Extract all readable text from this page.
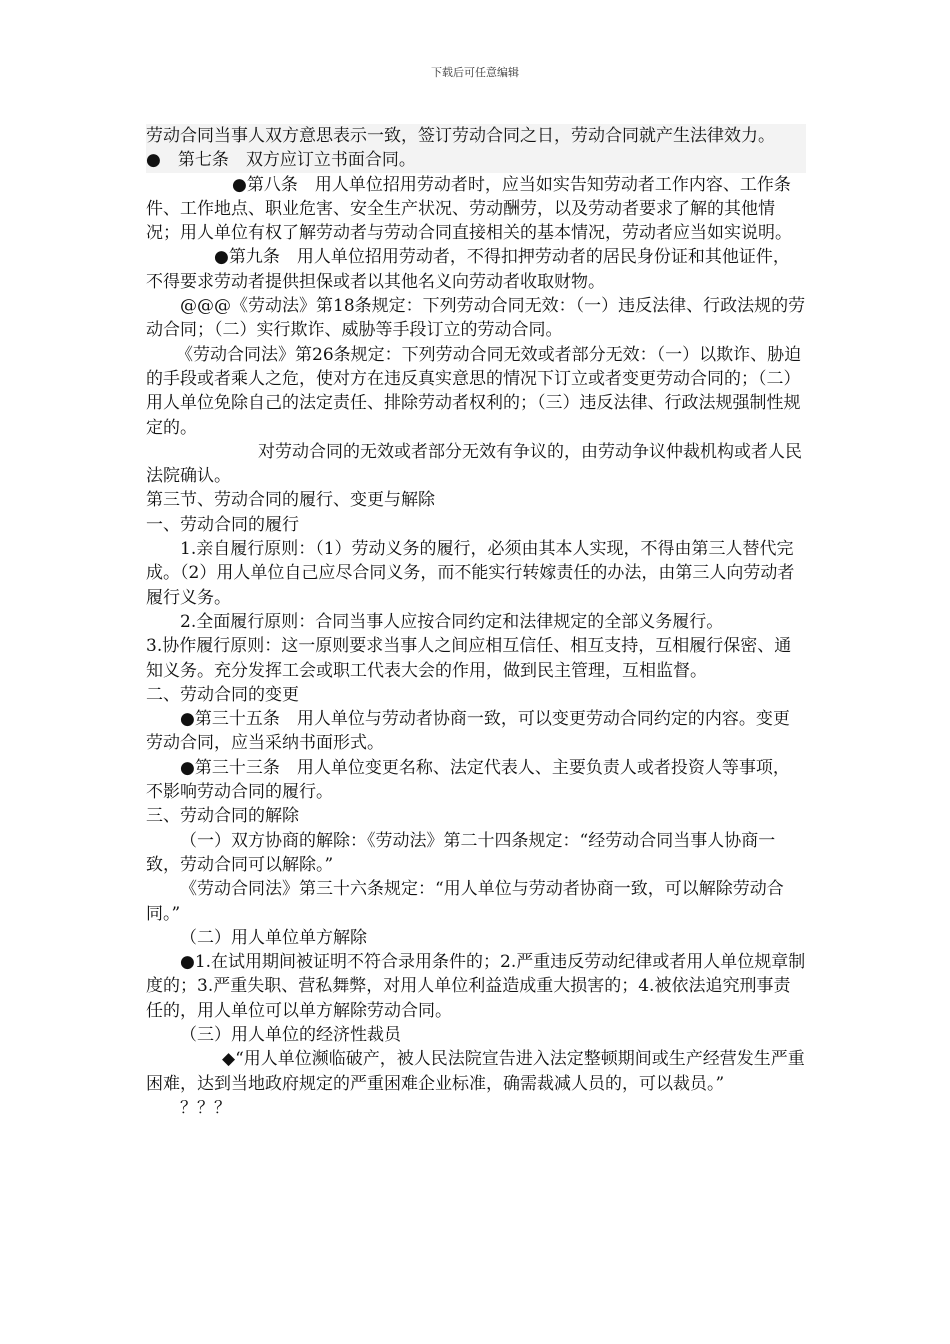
下载后可任意编辑

劳动合同当事人双方意思表示一致，签订劳动合同之日，劳动合同就产生法律效力。　　　　　●　第七条　双方应订立书面合同。

●第八条　用人单位招用劳动者时，应当如实告知劳动者工作内容、工作条件、工作地点、职业危害、安全生产状况、劳动酬劳，以及劳动者要求了解的其他情况；用人单位有权了解劳动者与劳动合同直接相关的基本情况，劳动者应当如实说明。

●第九条　用人单位招用劳动者，不得扣押劳动者的居民身份证和其他证件，不得要求劳动者提供担保或者以其他名义向劳动者收取财物。

@@@《劳动法》第18条规定：下列劳动合同无效：（一）违反法律、行政法规的劳动合同；（二）实行欺诈、威胁等手段订立的劳动合同。

《劳动合同法》第26条规定：下列劳动合同无效或者部分无效：（一）以欺诈、胁迫的手段或者乘人之危，使对方在违反真实意思的情况下订立或者变更劳动合同的；（二）用人单位免除自己的法定责任、排除劳动者权利的；（三）违反法律、行政法规强制性规定的。

对劳动合同的无效或者部分无效有争议的，由劳动争议仲裁机构或者人民法院确认。

第三节、劳动合同的履行、变更与解除

一、劳动合同的履行

1.亲自履行原则：（1）劳动义务的履行，必须由其本人实现，不得由第三人替代完成。（2）用人单位自己应尽合同义务，而不能实行转嫁责任的办法，由第三人向劳动者履行义务。

2.全面履行原则：合同当事人应按合同约定和法律规定的全部义务履行。

3.协作履行原则：这一原则要求当事人之间应相互信任、相互支持，互相履行保密、通知义务。充分发挥工会或职工代表大会的作用，做到民主管理，互相监督。

二、劳动合同的变更

●第三十五条　用人单位与劳动者协商一致，可以变更劳动合同约定的内容。变更劳动合同，应当采纳书面形式。

●第三十三条　用人单位变更名称、法定代表人、主要负责人或者投资人等事项，不影响劳动合同的履行。

三、劳动合同的解除

（一）双方协商的解除：《劳动法》第二十四条规定：“经劳动合同当事人协商一致，劳动合同可以解除。”

《劳动合同法》第三十六条规定：“用人单位与劳动者协商一致，可以解除劳动合同。”

（二）用人单位单方解除

●1.在试用期间被证明不符合录用条件的；2.严重违反劳动纪律或者用人单位规章制度的；3.严重失职、营私舞弊，对用人单位利益造成重大损害的；4.被依法追究刑事责任的，用人单位可以单方解除劳动合同。

（三）用人单位的经济性裁员

◆“用人单位濒临破产，被人民法院宣告进入法定整顿期间或生产经营发生严重困难，达到当地政府规定的严重困难企业标准，确需裁减人员的，可以裁员。”

？？？
